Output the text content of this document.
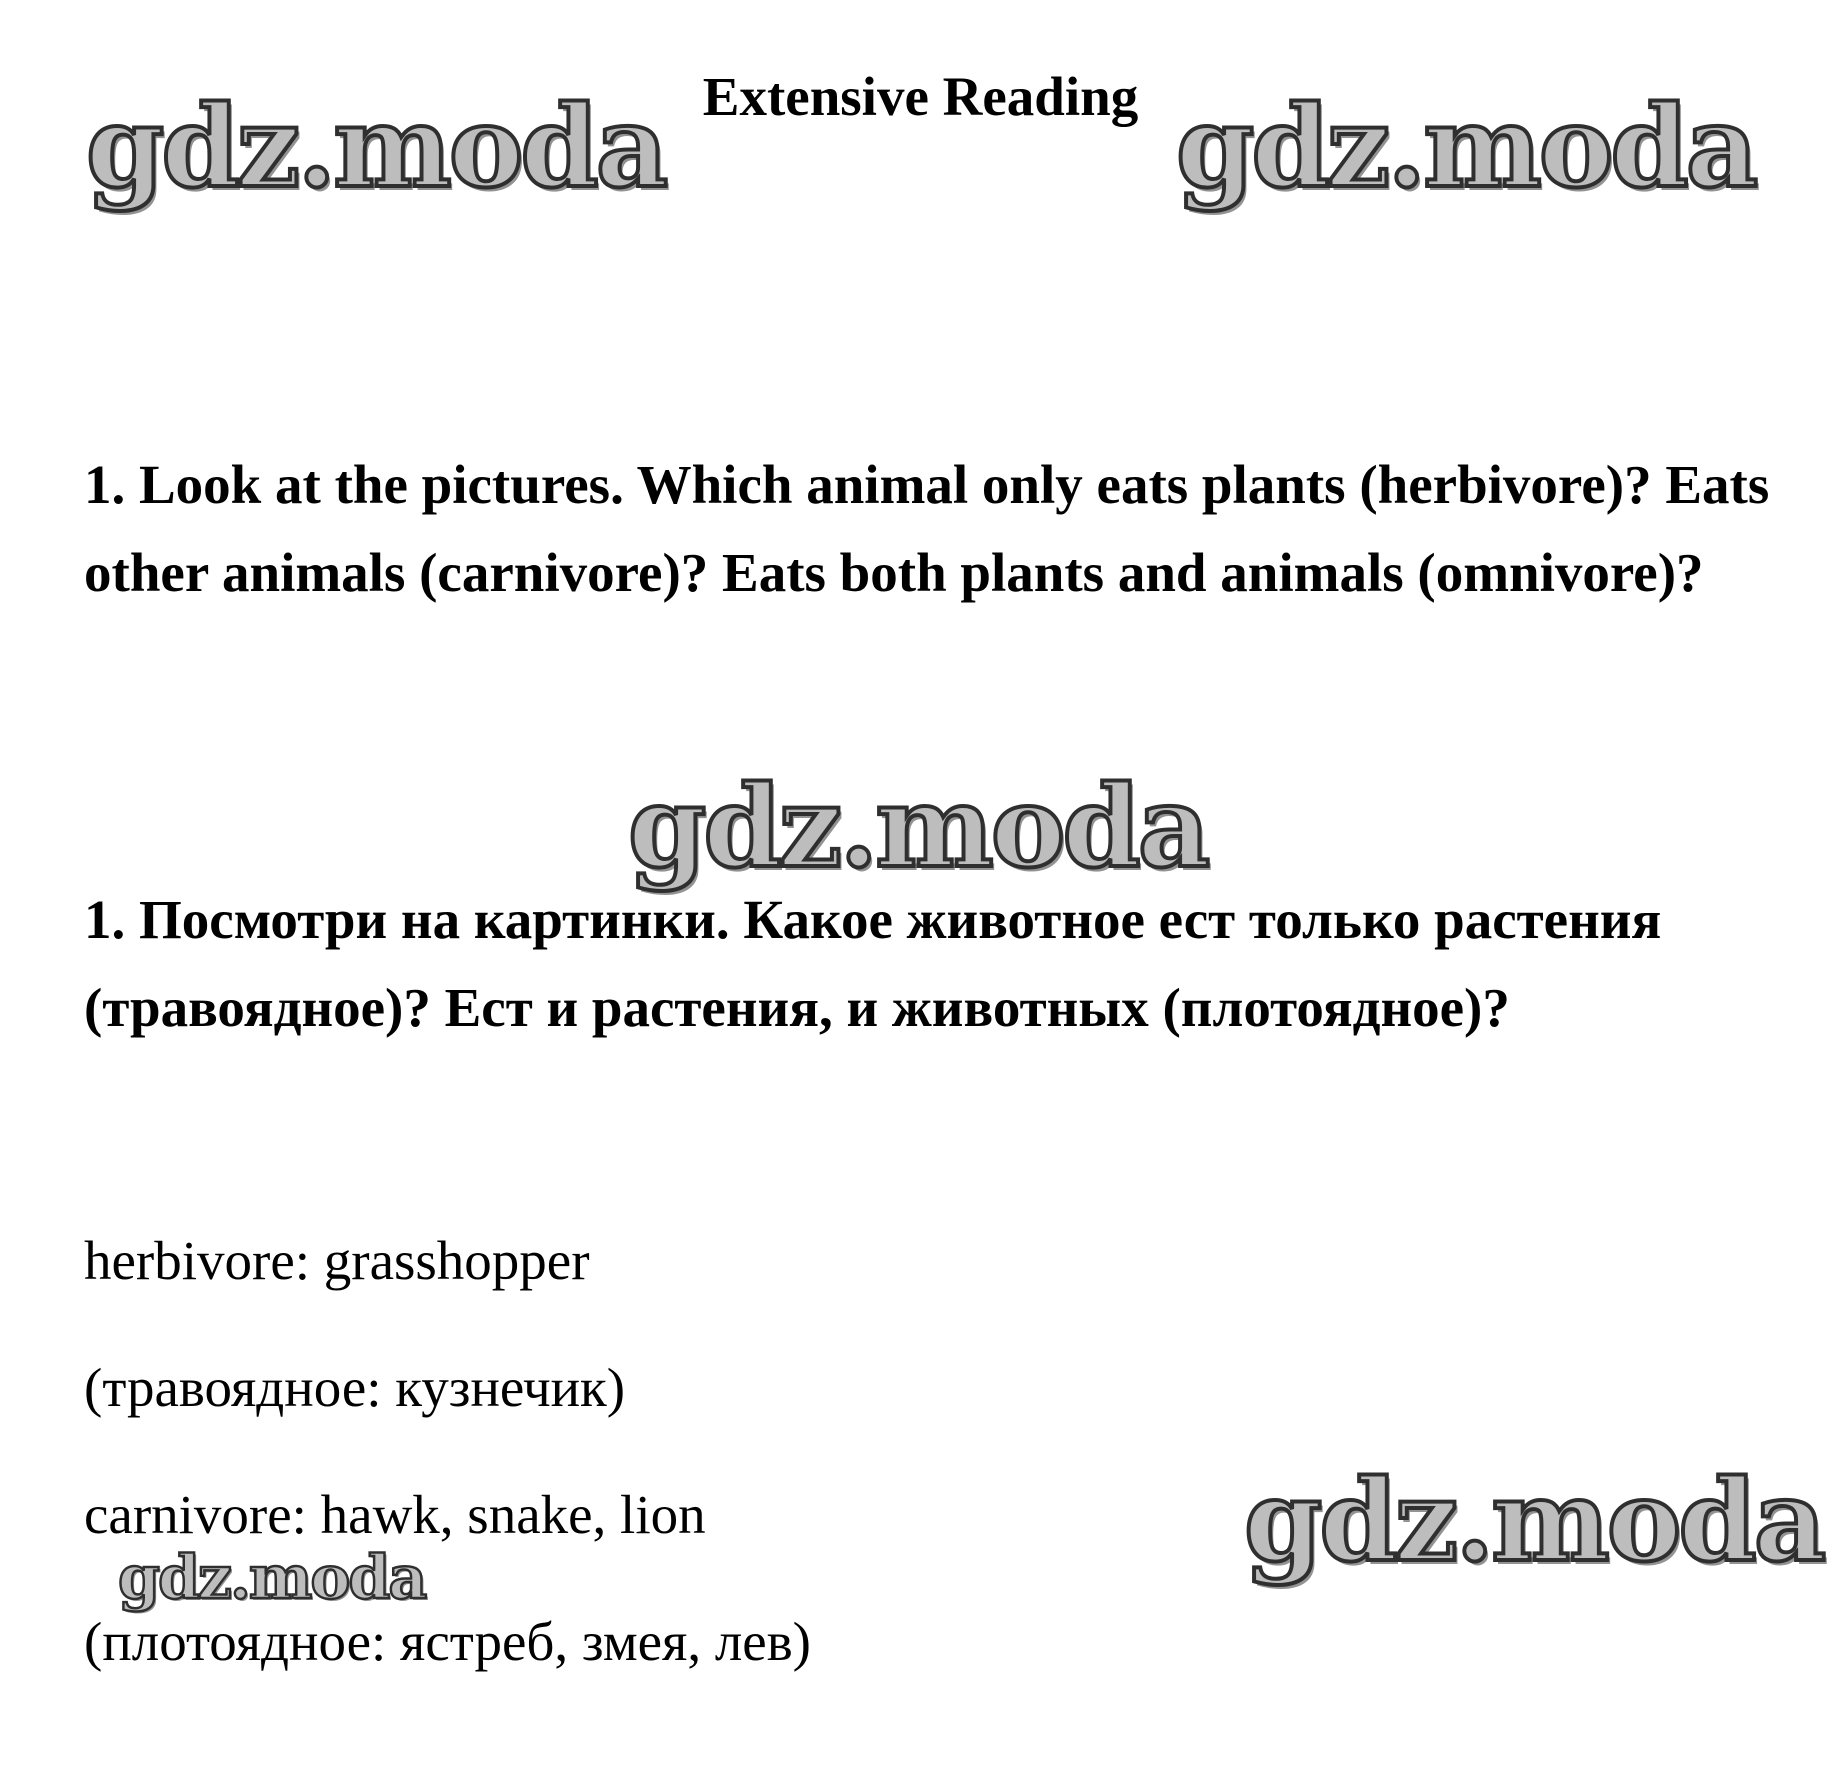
Extensive Reading

1. Look at the pictures. Which animal only eats plants (herbivore)? Eats other animals (carnivore)? Eats both plants and animals (omnivore)?

1. Посмотри на картинки. Какое животное ест только растения (травоядное)? Ест и растения, и животных (плотоядное)?

herbivore: grasshopper

(травоядное: кузнечик)

carnivore: hawk, snake, lion

(плотоядное: ястреб, змея, лев)

gdz.moda	gdz.moda
gdz.moda
gdz.moda
gdz.moda
